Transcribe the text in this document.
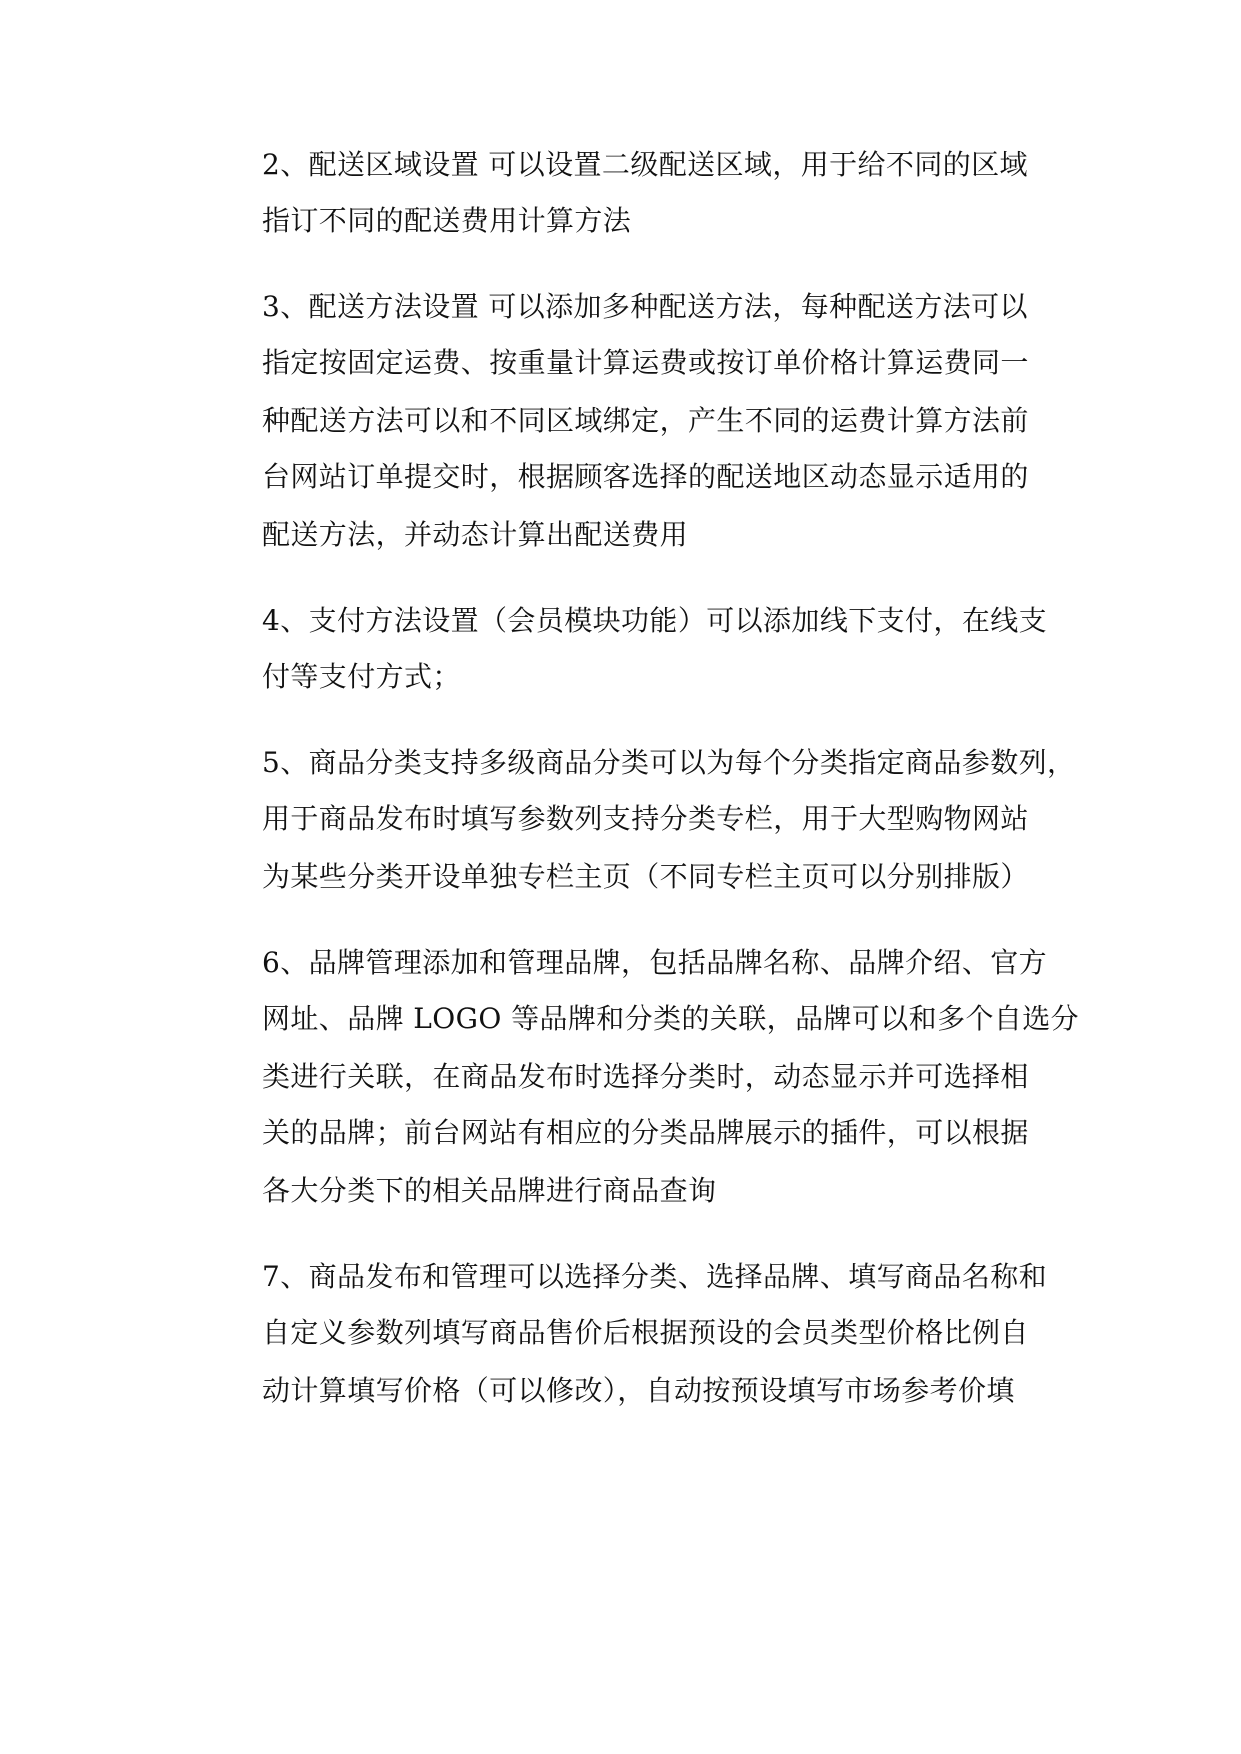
2、配送区域设置 可以设置二级配送区域，用于给不同的区域
指订不同的配送费用计算方法
3、配送方法设置 可以添加多种配送方法，每种配送方法可以
指定按固定运费、按重量计算运费或按订单价格计算运费同一
种配送方法可以和不同区域绑定，产生不同的运费计算方法前
台网站订单提交时，根据顾客选择的配送地区动态显示适用的
配送方法，并动态计算出配送费用
4、支付方法设置（会员模块功能）可以添加线下支付，在线支
付等支付方式；
5、商品分类支持多级商品分类可以为每个分类指定商品参数列，
用于商品发布时填写参数列支持分类专栏，用于大型购物网站
为某些分类开设单独专栏主页（不同专栏主页可以分别排版）
6、品牌管理添加和管理品牌，包括品牌名称、品牌介绍、官方
网址、品牌 LOGO 等品牌和分类的关联，品牌可以和多个自选分
类进行关联，在商品发布时选择分类时，动态显示并可选择相
关的品牌；前台网站有相应的分类品牌展示的插件，可以根据
各大分类下的相关品牌进行商品查询
7、商品发布和管理可以选择分类、选择品牌、填写商品名称和
自定义参数列填写商品售价后根据预设的会员类型价格比例自
动计算填写价格（可以修改），自动按预设填写市场参考价填
